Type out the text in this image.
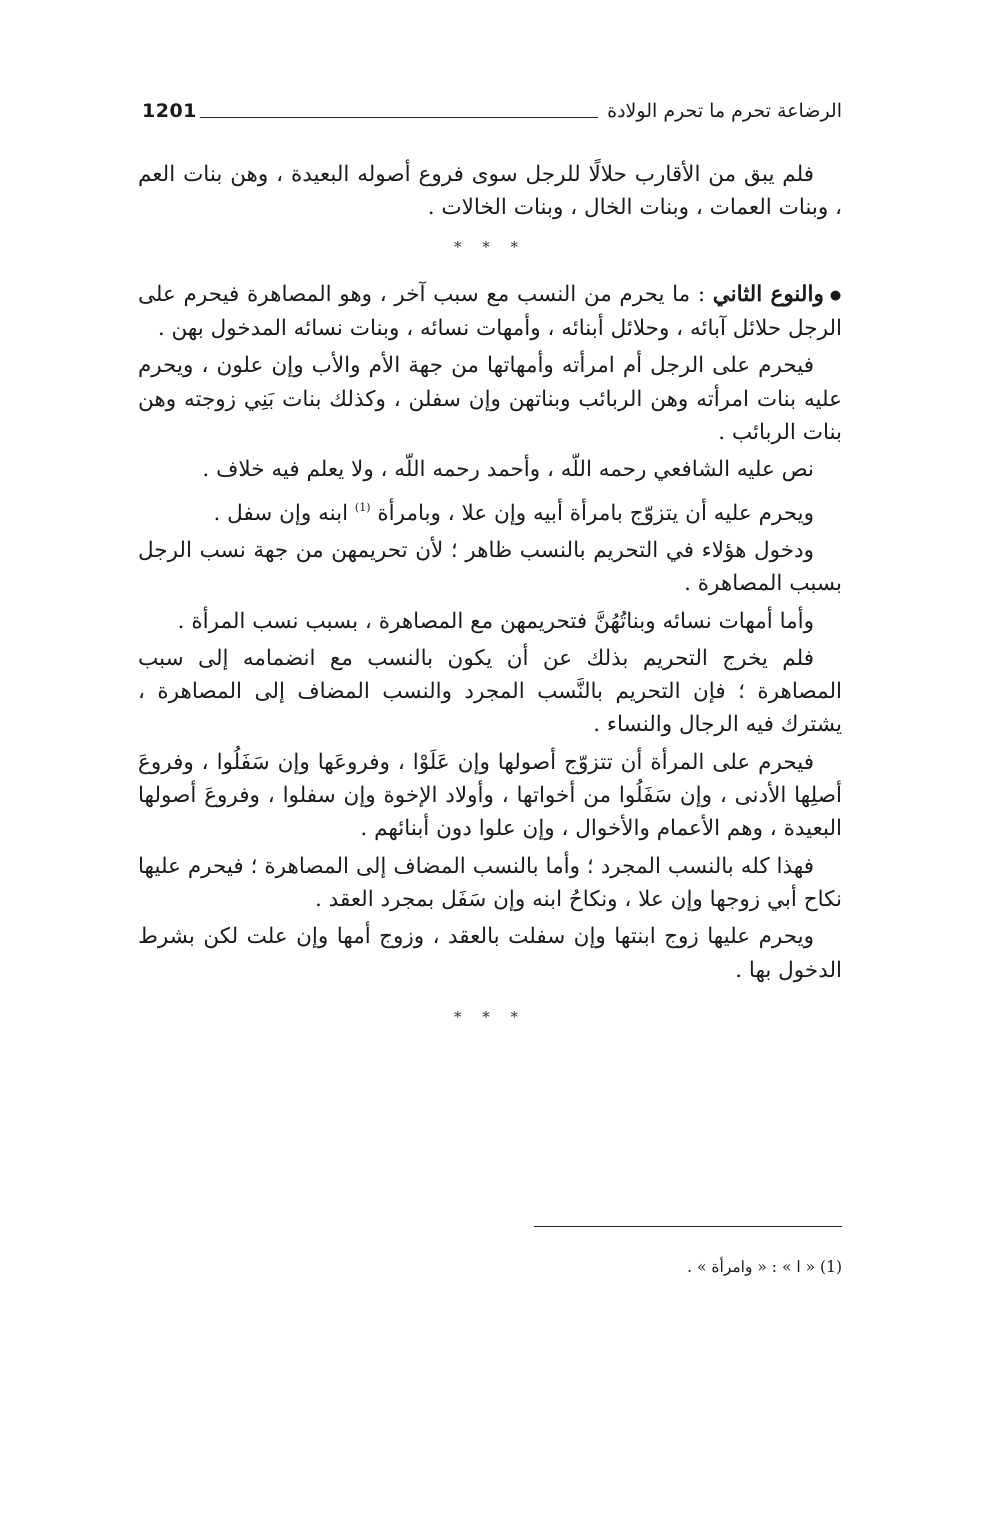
1201	الرضاعة تحرم ما تحرم الولادة

فلم يبق من الأقارب حلالًا للرجل سوى فروع أصوله البعيدة ، وهن بنات العم ، وبنات العمات ، وبنات الخال ، وبنات الخالات .

* * *

● والنوع الثاني : ما يحرم من النسب مع سبب آخر ، وهو المصاهرة فيحرم على الرجل حلائل آبائه ، وحلائل أبنائه ، وأمهات نسائه ، وبنات نسائه المدخول بهن .

فيحرم على الرجل أم امرأته وأمهاتها من جهة الأم والأب وإن علون ، ويحرم عليه بنات امرأته وهن الربائب وبناتهن وإن سفلن ، وكذلك بنات بَنِي زوجته وهن بنات الربائب .

نص عليه الشافعي رحمه اللّه ، وأحمد رحمه اللّه ، ولا يعلم فيه خلاف .

ويحرم عليه أن يتزوّج بامرأة أبيه وإن علا ، وبامرأة $^{(1)}$ ابنه وإن سفل .

ودخول هؤلاء في التحريم بالنسب ظاهر ؛ لأن تحريمهن من جهة نسب الرجل بسبب المصاهرة .

وأما أمهات نسائه وبناتُهُنَّ فتحريمهن مع المصاهرة ، بسبب نسب المرأة .

فلم يخرج التحريم بذلك عن أن يكون بالنسب مع انضمامه إلى سبب المصاهرة ؛ فإن التحريم بالنَّسب المجرد والنسب المضاف إلى المصاهرة ، يشترك فيه الرجال والنساء .

فيحرم على المرأة أن تتزوّج أصولها وإن عَلَوْا ، وفروعَها وإن سَفَلُوا ، وفروعَ أصلِها الأدنى ، وإن سَفَلُوا من أخواتها ، وأولاد الإخوة وإن سفلوا ، وفروعَ أصولها البعيدة ، وهم الأعمام والأخوال ، وإن علوا دون أبنائهم .

فهذا كله بالنسب المجرد ؛ وأما بالنسب المضاف إلى المصاهرة ؛ فيحرم عليها نكاح أبي زوجها وإن علا ، ونكاحُ ابنه وإن سَفَل بمجرد العقد .

ويحرم عليها زوج ابنتها وإن سفلت بالعقد ، وزوج أمها وإن علت لكن بشرط الدخول بها .

* * *
(1) « ا » : « وامرأة » .
